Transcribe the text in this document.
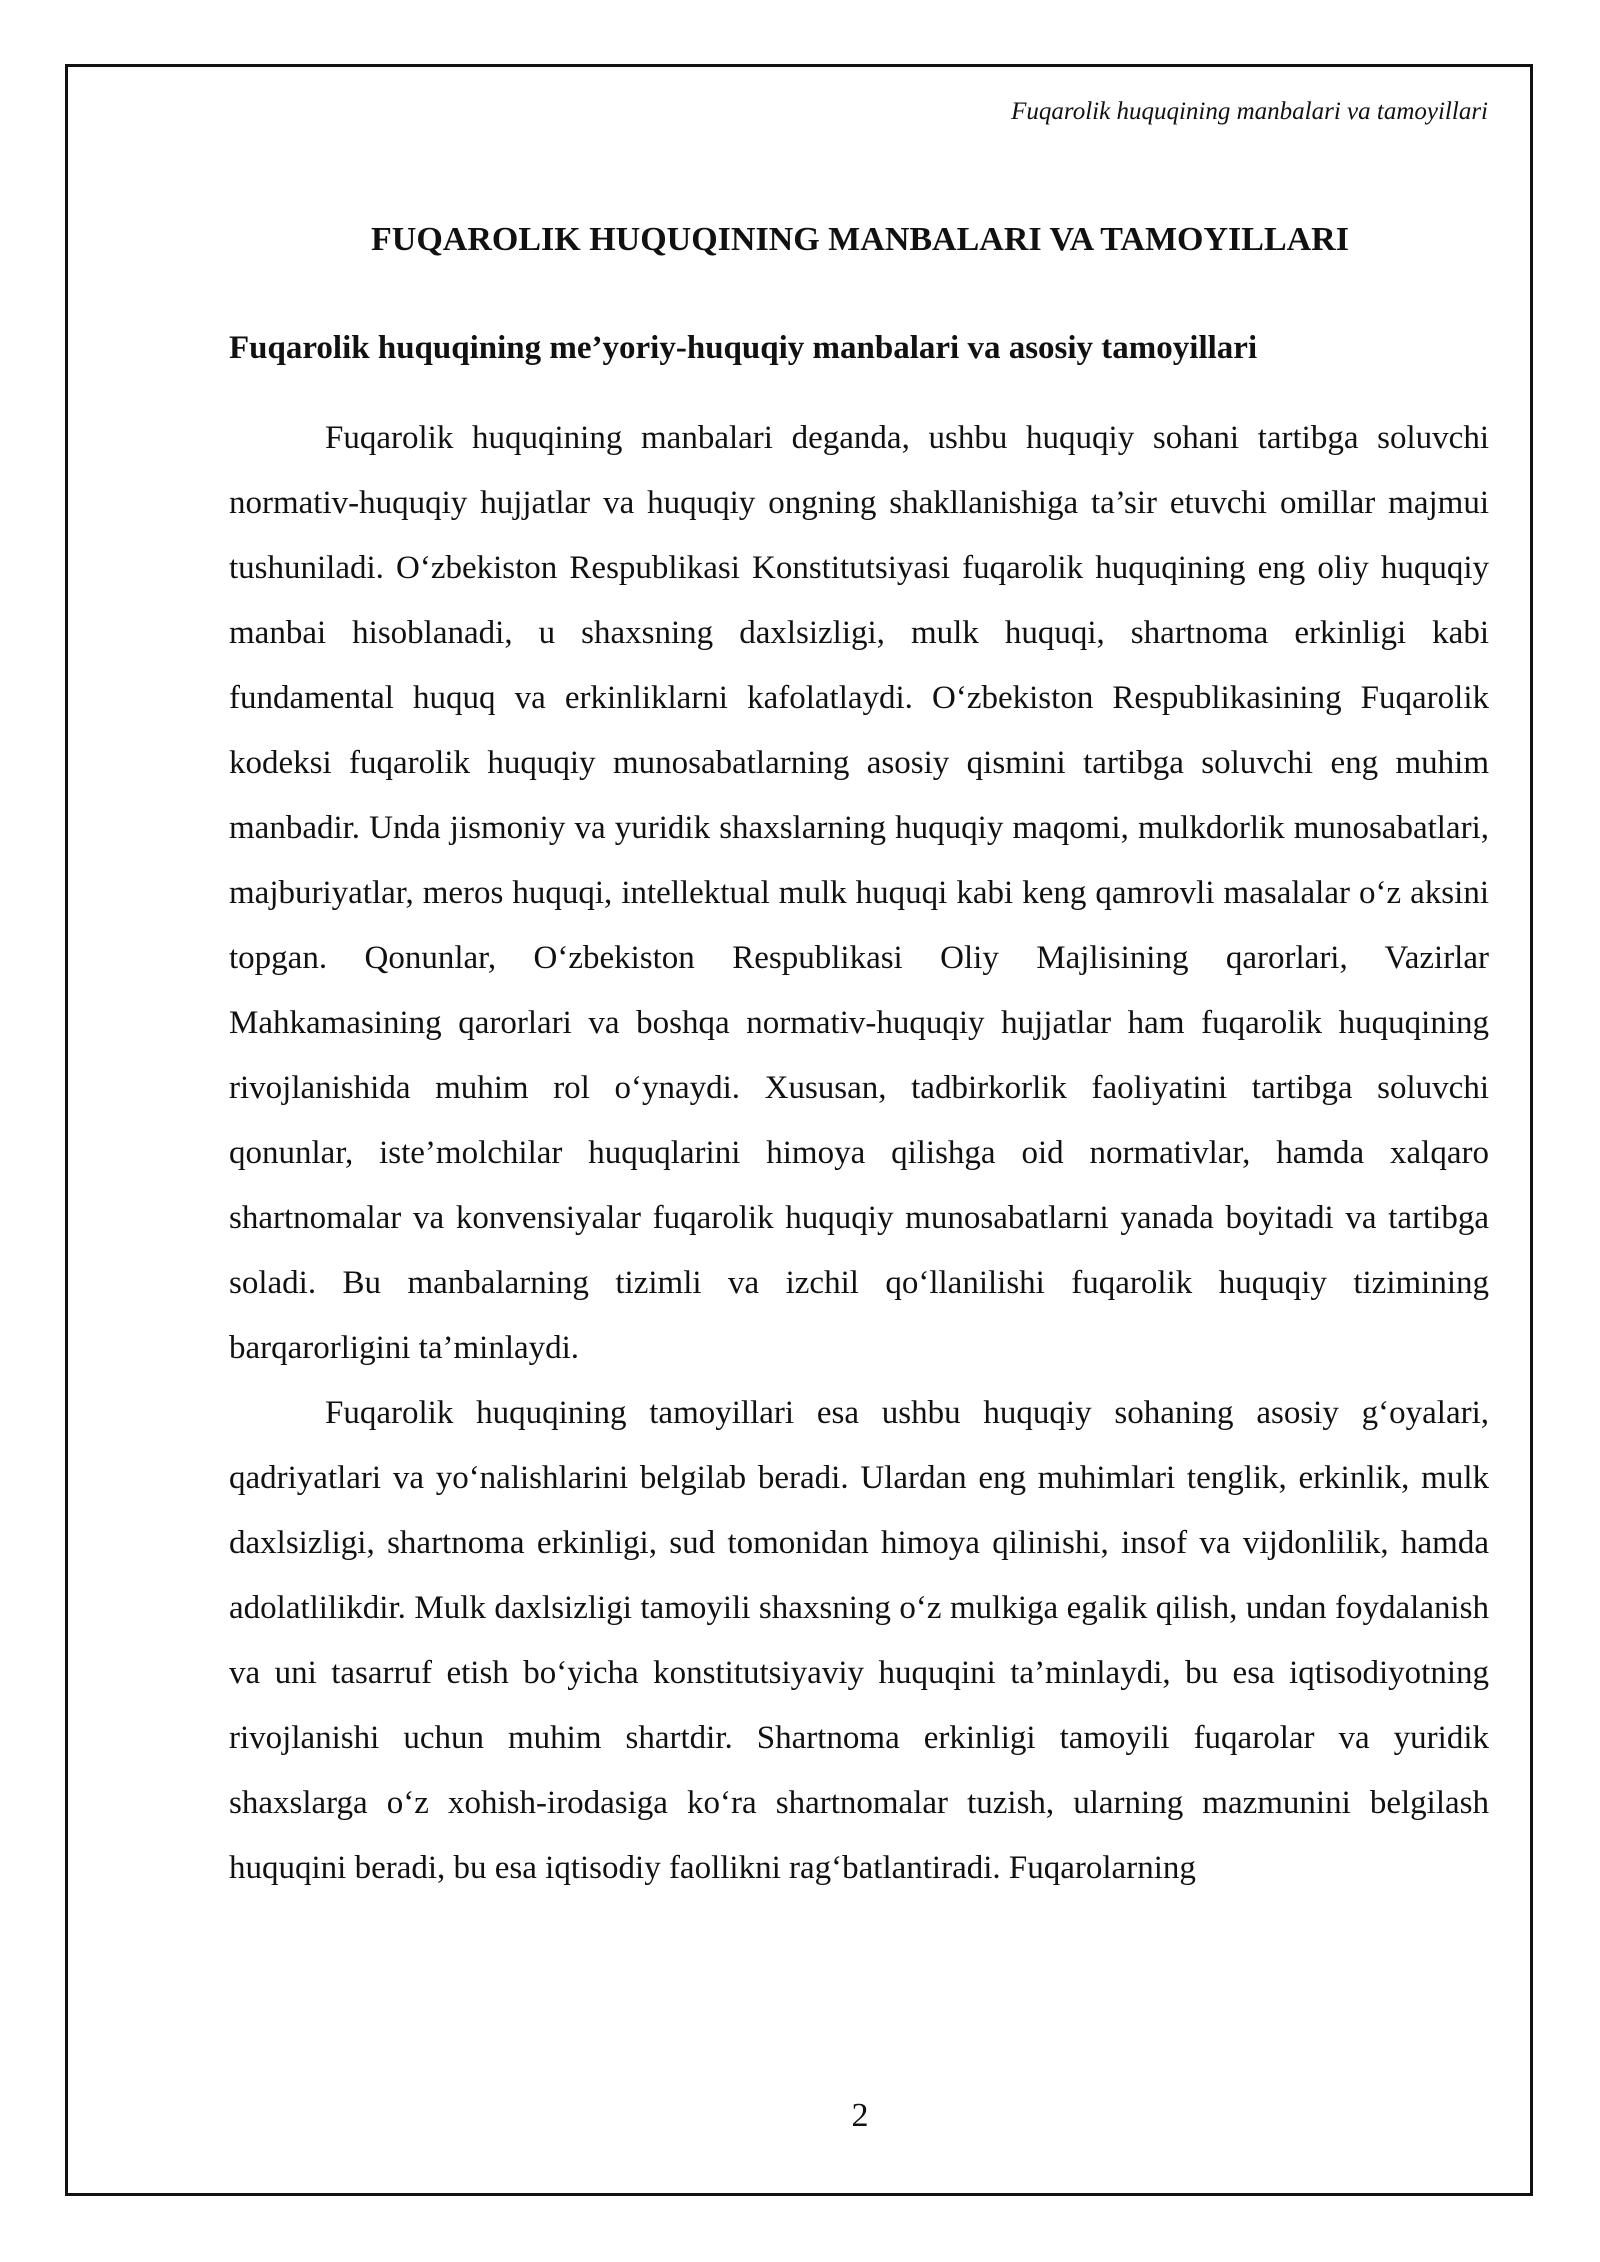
Fuqarolik huquqining manbalari va tamoyillari
FUQAROLIK HUQUQINING MANBALARI VA TAMOYILLARI
Fuqarolik huquqining me’yoriy-huquqiy manbalari va asosiy tamoyillari

Fuqarolik huquqining manbalari deganda, ushbu huquqiy sohani tartibga soluvchi normativ-huquqiy hujjatlar va huquqiy ongning shakllanishiga ta’sir etuvchi omillar majmui tushuniladi. O‘zbekiston Respublikasi Konstitutsiyasi fuqarolik huquqining eng oliy huquqiy manbai hisoblanadi, u shaxsning daxlsizligi, mulk huquqi, shartnoma erkinligi kabi fundamental huquq va erkinliklarni kafolatlaydi. O‘zbekiston Respublikasining Fuqarolik kodeksi fuqarolik huquqiy munosabatlarning asosiy qismini tartibga soluvchi eng muhim manbadir. Unda jismoniy va yuridik shaxslarning huquqiy maqomi, mulkdorlik munosabatlari, majburiyatlar, meros huquqi, intellektual mulk huquqi kabi keng qamrovli masalalar o‘z aksini topgan. Qonunlar, O‘zbekiston Respublikasi Oliy Majlisining qarorlari, Vazirlar Mahkamasining qarorlari va boshqa normativ-huquqiy hujjatlar ham fuqarolik huquqining rivojlanishida muhim rol o‘ynaydi. Xususan, tadbirkorlik faoliyatini tartibga soluvchi qonunlar, iste’molchilar huquqlarini himoya qilishga oid normativlar, hamda xalqaro shartnomalar va konvensiyalar fuqarolik huquqiy munosabatlarni yanada boyitadi va tartibga soladi. Bu manbalarning tizimli va izchil qo‘llanilishi fuqarolik huquqiy tizimining barqarorligini ta’minlaydi.

Fuqarolik huquqining tamoyillari esa ushbu huquqiy sohaning asosiy g‘oyalari, qadriyatlari va yo‘nalishlarini belgilab beradi. Ulardan eng muhimlari tenglik, erkinlik, mulk daxlsizligi, shartnoma erkinligi, sud tomonidan himoya qilinishi, insof va vijdonlilik, hamda adolatlilikdir. Mulk daxlsizligi tamoyili shaxsning o‘z mulkiga egalik qilish, undan foydalanish va uni tasarruf etish bo‘yicha konstitutsiyaviy huquqini ta’minlaydi, bu esa iqtisodiyotning rivojlanishi uchun muhim shartdir. Shartnoma erkinligi tamoyili fuqarolar va yuridik shaxslarga o‘z xohish-irodasiga ko‘ra shartnomalar tuzish, ularning mazmunini belgilash huquqini beradi, bu esa iqtisodiy faollikni rag‘batlantiradi. Fuqarolarning

2
